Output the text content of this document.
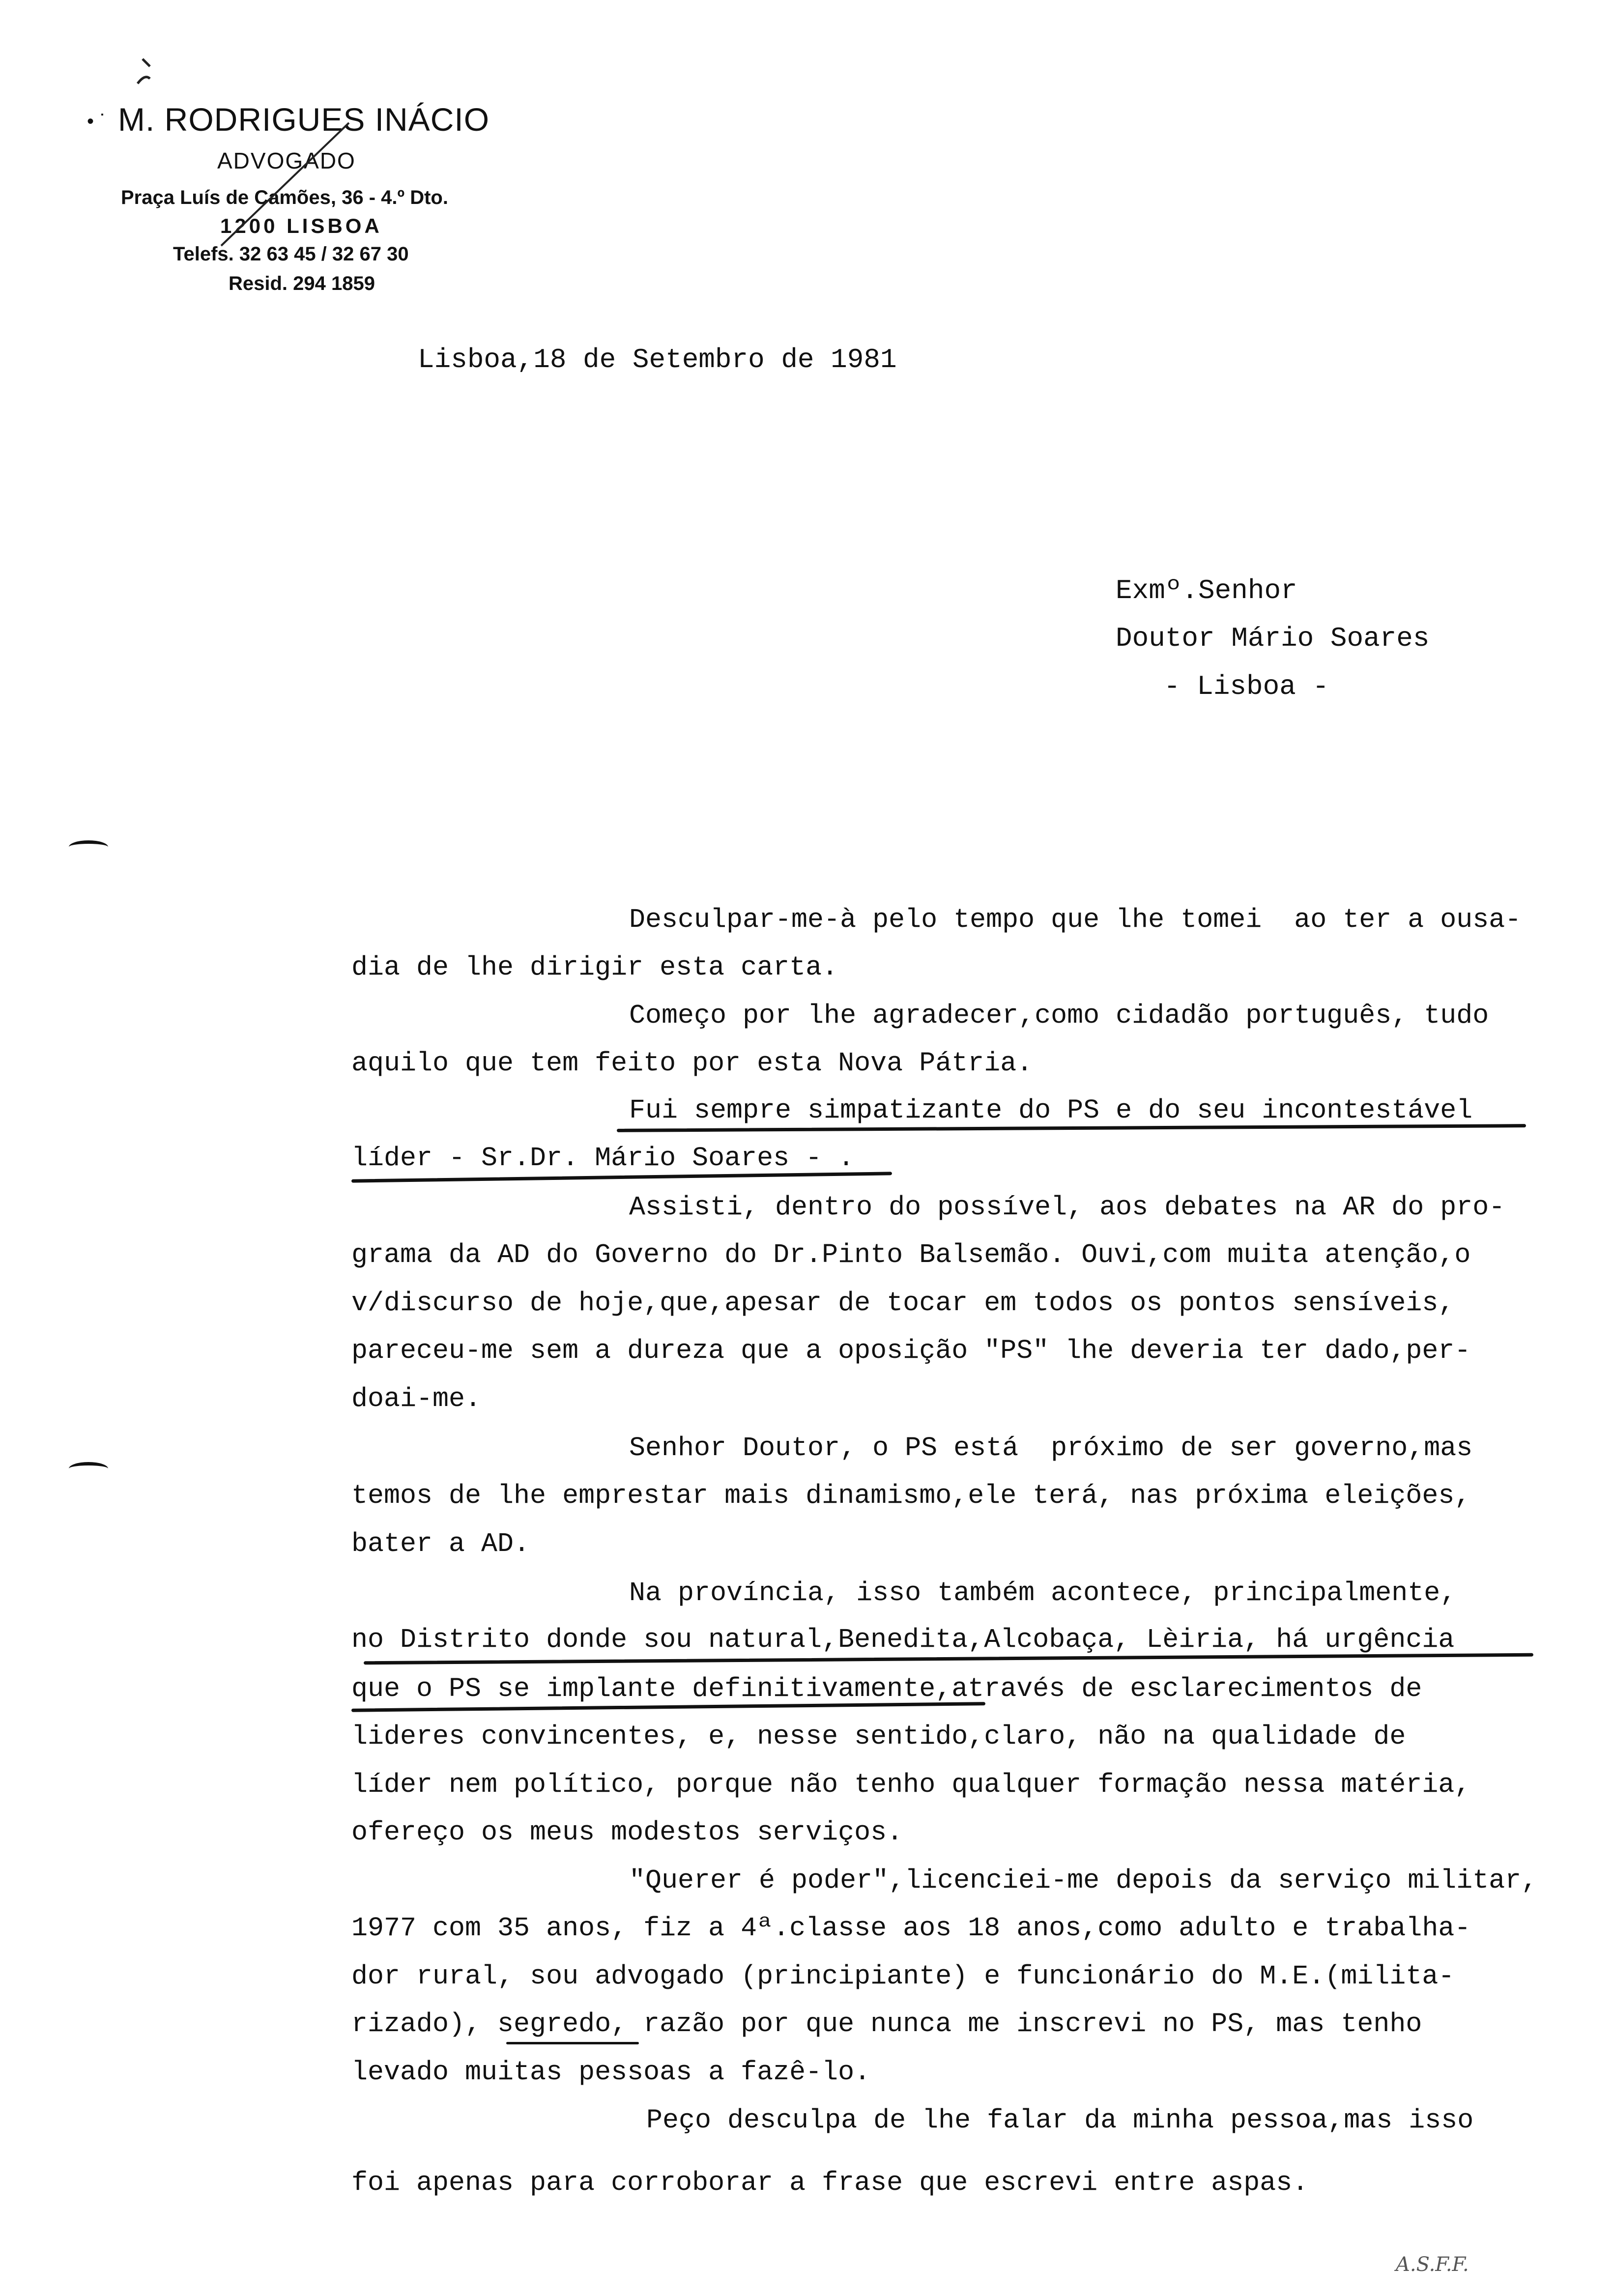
•˙ M. RODRIGUES INÁCIO
ADVOGADO
Praça Luís de Camões, 36 - 4.º Dto.
1200 LISBOA
Telefs. 32 63 45 / 32 67 30
Resid. 294 1859
Lisboa,18 de Setembro de 1981
Exmº.Senhor
Doutor Mário Soares
- Lisboa -
Desculpar-me-à pelo tempo que lhe tomei  ao ter a ousa-
dia de lhe dirigir esta carta.
Começo por lhe agradecer,como cidadão português, tudo
aquilo que tem feito por esta Nova Pátria.
Fui sempre simpatizante do PS e do seu incontestável
líder - Sr.Dr. Mário Soares - .
Assisti, dentro do possível, aos debates na AR do pro-
grama da AD do Governo do Dr.Pinto Balsemão. Ouvi,com muita atenção,o
v/discurso de hoje,que,apesar de tocar em todos os pontos sensíveis,
pareceu-me sem a dureza que a oposição "PS" lhe deveria ter dado,per-
doai-me.
Senhor Doutor, o PS está  próximo de ser governo,mas
temos de lhe emprestar mais dinamismo,ele terá, nas próxima eleições,
bater a AD.
Na província, isso também acontece, principalmente,
no Distrito donde sou natural,Benedita,Alcobaça, Lèiria, há urgência
que o PS se implante definitivamente,através de esclarecimentos de
lideres convincentes, e, nesse sentido,claro, não na qualidade de
líder nem político, porque não tenho qualquer formação nessa matéria,
ofereço os meus modestos serviços.
"Querer é poder",licenciei-me depois da serviço militar,
1977 com 35 anos, fiz a 4ª.classe aos 18 anos,como adulto e trabalha-
dor rural, sou advogado (principiante) e funcionário do M.E.(milita-
rizado), segredo, razão por que nunca me inscrevi no PS, mas tenho
levado muitas pessoas a fazê-lo.
Peço desculpa de lhe falar da minha pessoa,mas isso
foi apenas para corroborar a frase que escrevi entre aspas.
A.S.F.F.
